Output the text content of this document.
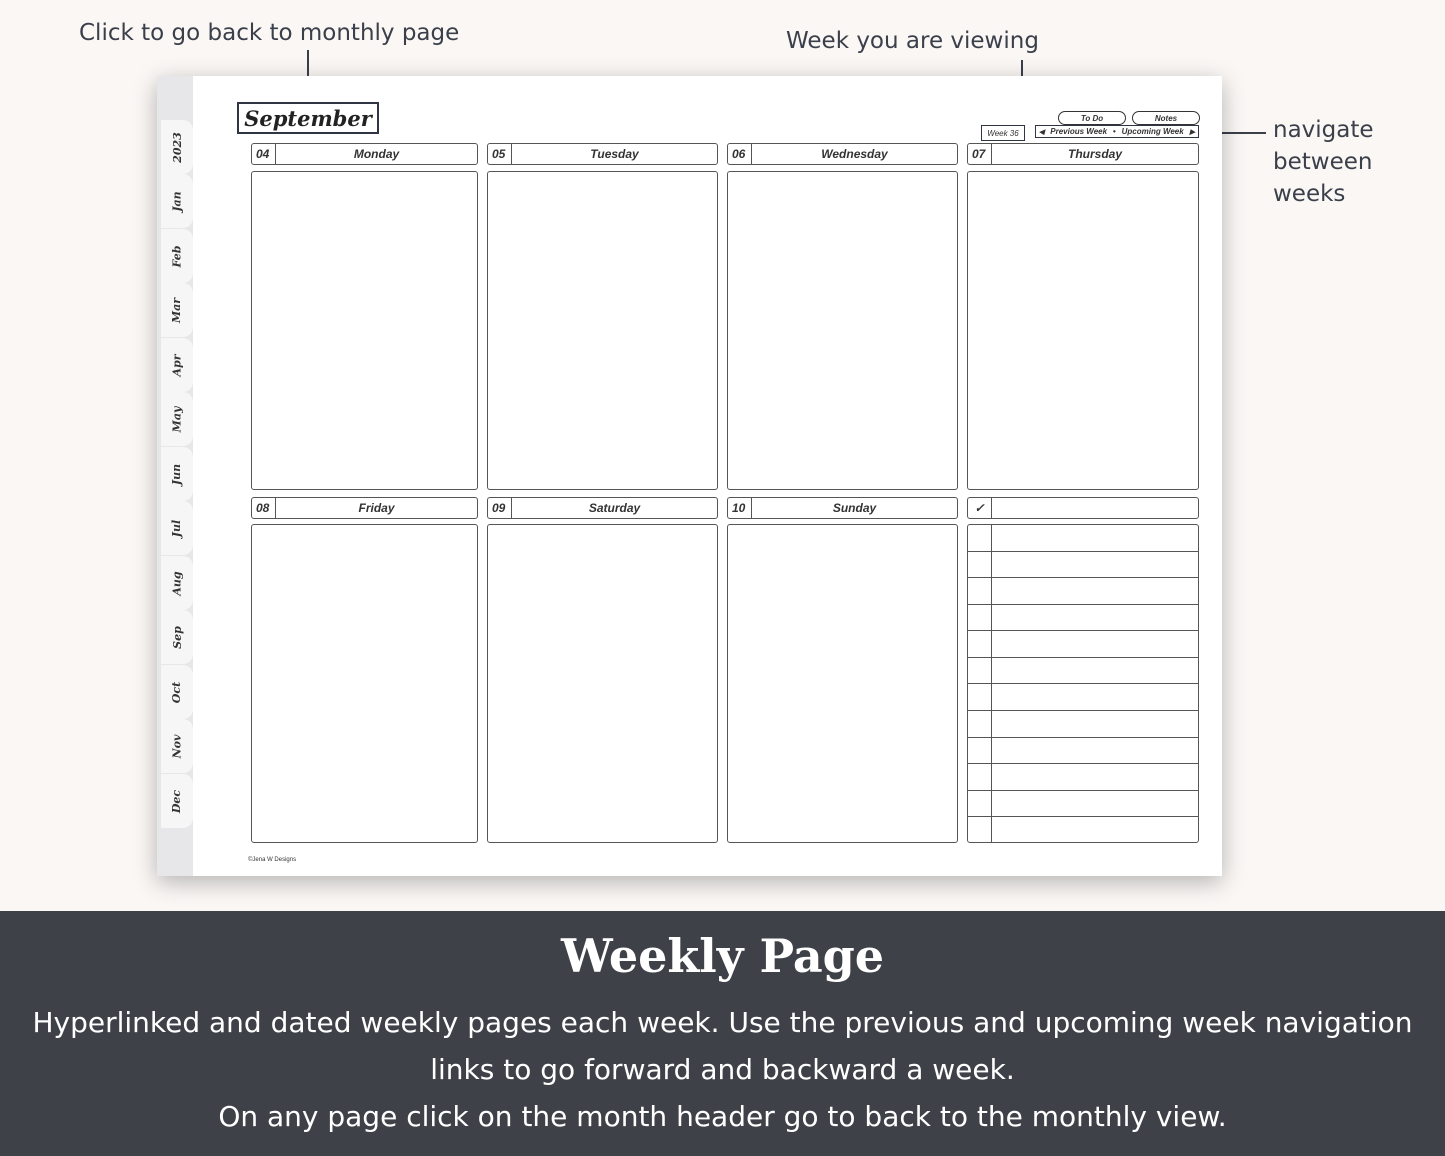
Click to go back to monthly page	Week you are viewing
navigate
between
weeks
2023
Jan
Feb
Mar
Apr
May
Jun
Jul
Aug
Sep
Oct
Nov
Dec
September	To Do	Notes
Week 36	◀ Previous Week • Upcoming Week ▶
04	Monday	05	Tuesday	06	Wednesday	07	Thursday
08	Friday	09	Saturday	10	Sunday	✓
©Jena W Designs
Weekly Page
Hyperlinked and dated weekly pages each week. Use the previous and upcoming week navigation
links to go forward and backward a week.
On any page click on the month header go to back to the monthly view.
